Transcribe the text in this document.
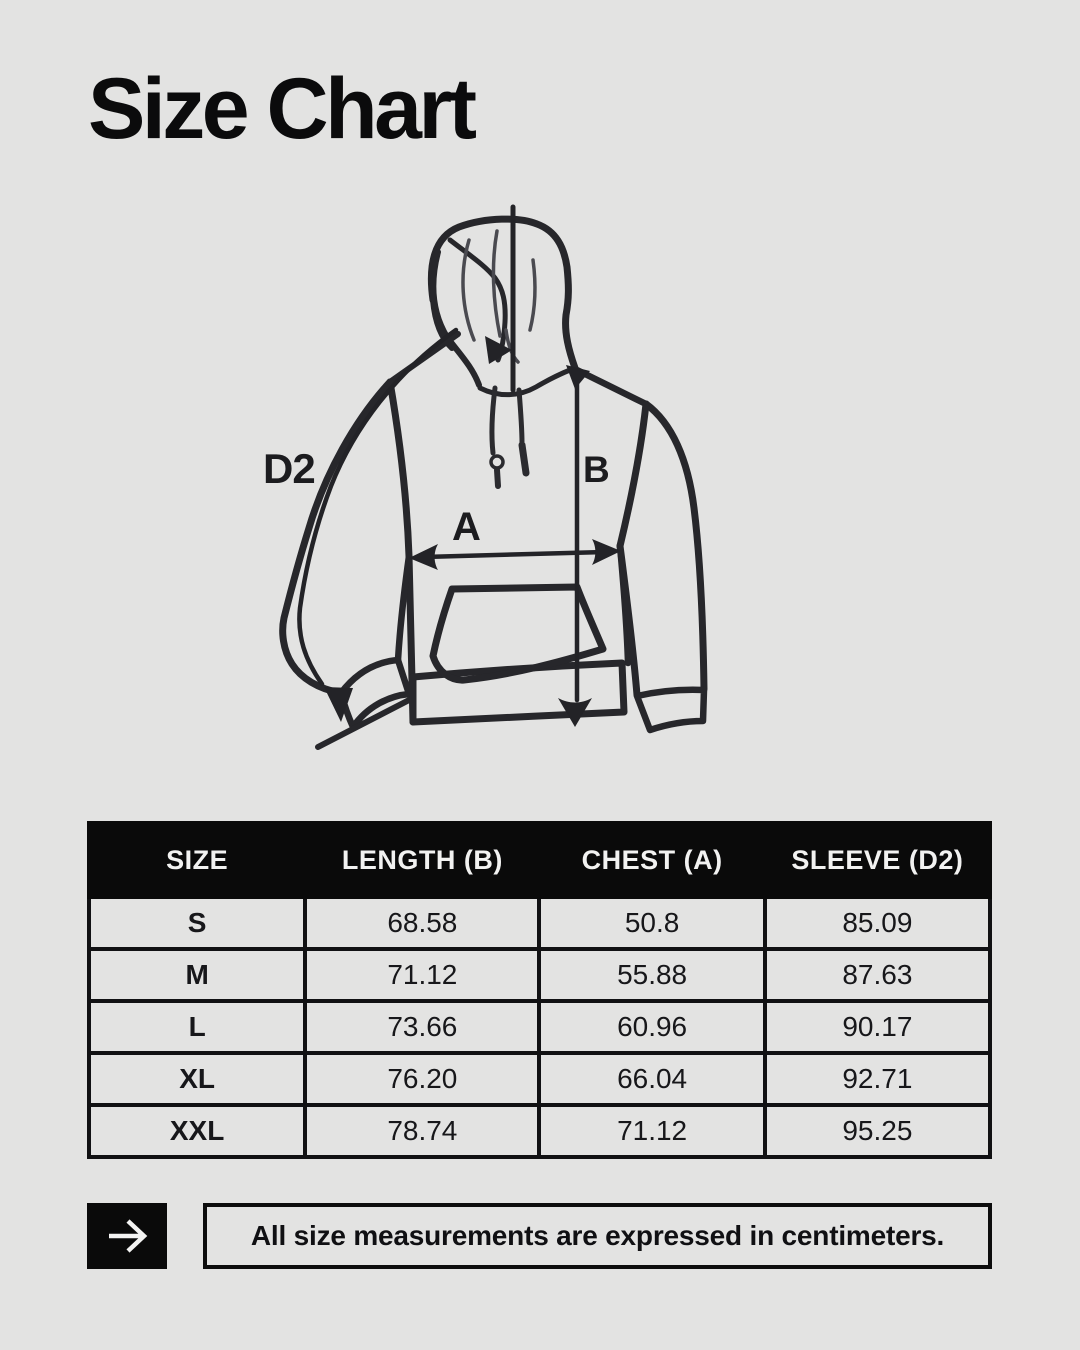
Size Chart
D2
A
B
SIZE	LENGTH (B)	CHEST (A)	SLEEVE (D2)
S	68.58	50.8	85.09
M	71.12	55.88	87.63
L	73.66	60.96	90.17
XL	76.20	66.04	92.71
XXL	78.74	71.12	95.25
All size measurements are expressed in centimeters.
